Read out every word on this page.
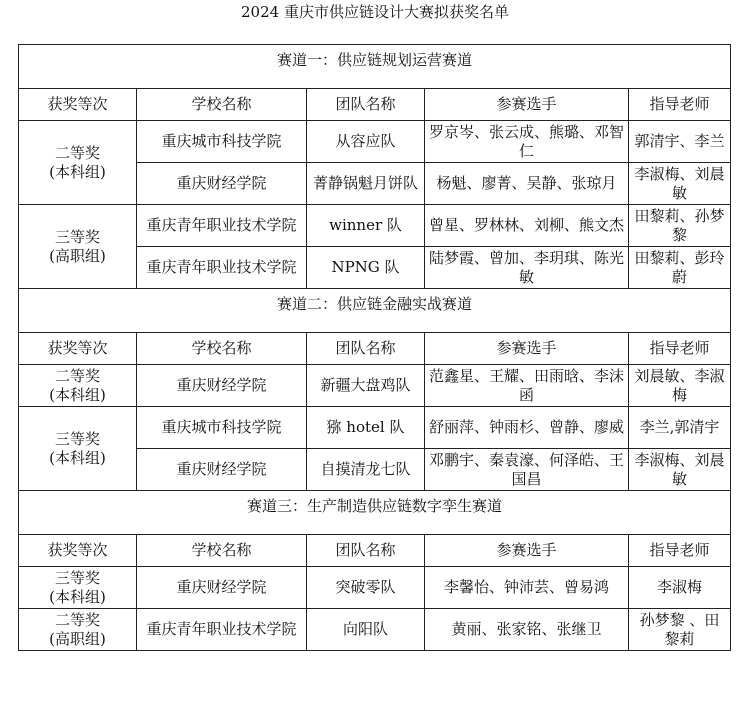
2024 重庆市供应链设计大赛拟获奖名单
赛道一：供应链规划运营赛道				

获奖等次	学校名称	团队名称	参赛选手	指导老师
二等奖
(本科组)	重庆城市科技学院	从容应队	罗京岑、张云成、熊璐、邓智仁	郭清宇、李兰
	重庆财经学院	菁静锅魁月饼队	杨魁、廖菁、吴静、张琼月	李淑梅、刘晨敏
三等奖
(高职组)	重庆青年职业技术学院	winner 队	曾星、罗林林、刘柳、熊文杰	田黎莉、孙梦黎
	重庆青年职业技术学院	NPNG 队	陆梦霞、曾加、李玥琪、陈光敏	田黎莉、彭玲蔚
赛道二：供应链金融实战赛道				

获奖等次	学校名称	团队名称	参赛选手	指导老师
二等奖
(本科组)	重庆财经学院	新疆大盘鸡队	范鑫星、王耀、田雨晗、李沫函	刘晨敏、李淑梅
三等奖
(本科组)	重庆城市科技学院	猕 hotel 队	舒丽萍、钟雨杉、曾静、廖威	李兰,郭清宇
	重庆财经学院	自摸清龙七队	邓鹏宇、秦袁濠、何泽皓、王国昌	李淑梅、刘晨敏
赛道三：生产制造供应链数字孪生赛道				

获奖等次	学校名称	团队名称	参赛选手	指导老师
三等奖
(本科组)	重庆财经学院	突破零队	李馨怡、钟沛芸、曾易鸿	李淑梅
二等奖
(高职组)	重庆青年职业技术学院	向阳队	黄丽、张家铭、张继卫	孙梦黎 、田黎莉
